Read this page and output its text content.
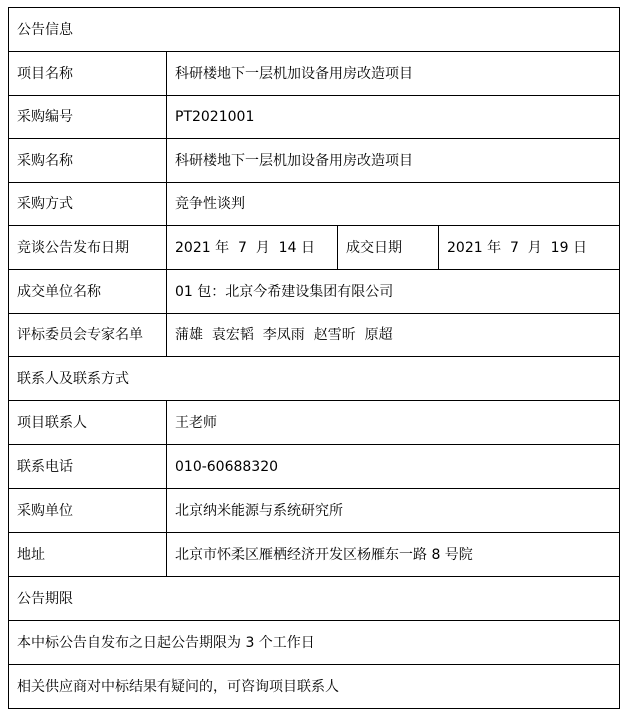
公告信息			
项目名称	科研楼地下一层机加设备用房改造项目		
采购编号	PT2021001		
采购名称	科研楼地下一层机加设备用房改造项目		
采购方式	竞争性谈判		
竞谈公告发布日期	2021 年  7  月  14 日	成交日期	2021 年  7  月  19 日
成交单位名称	01 包：北京今希建设集团有限公司		
评标委员会专家名单	蒲雄  袁宏韬  李凤雨  赵雪昕  原超		
联系人及联系方式			
项目联系人	王老师		
联系电话	010-60688320		
采购单位	北京纳米能源与系统研究所		
地址	北京市怀柔区雁栖经济开发区杨雁东一路 8 号院		
公告期限			
本中标公告自发布之日起公告期限为 3 个工作日			
相关供应商对中标结果有疑问的，可咨询项目联系人			
